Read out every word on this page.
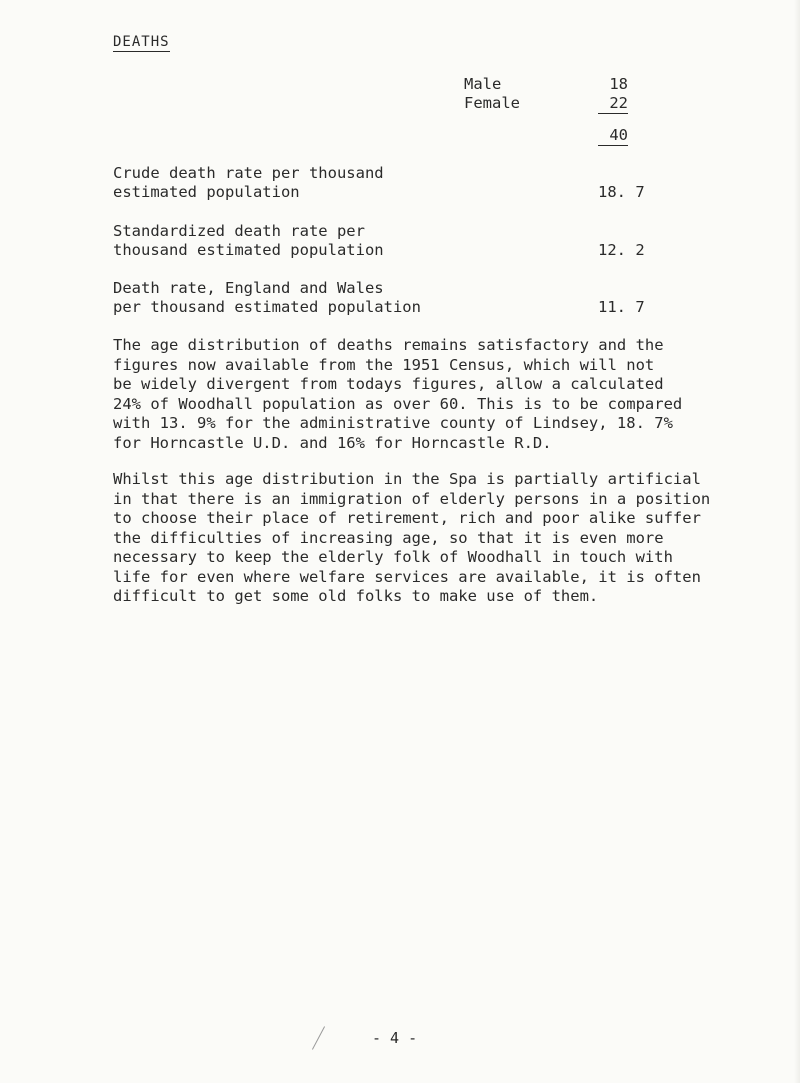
DEATHS
Male	18
Female	22
40
Crude death rate per thousand
estimated population	18. 7
Standardized death rate per
thousand estimated population	12. 2
Death rate, England and Wales
per thousand estimated population	11. 7
The age distribution of deaths remains satisfactory and the
figures now available from the 1951 Census, which will not
be widely divergent from todays figures, allow a calculated
24% of Woodhall population as over 60. This is to be compared
with 13. 9% for the administrative county of Lindsey, 18. 7%
for Horncastle U.D. and 16% for Horncastle R.D.
Whilst this age distribution in the Spa is partially artificial
in that there is an immigration of elderly persons in a position
to choose their place of retirement, rich and poor alike suffer
the difficulties of increasing age, so that it is even more
necessary to keep the elderly folk of Woodhall in touch with
life for even where welfare services are available, it is often
difficult to get some old folks to make use of them.
- 4 -
